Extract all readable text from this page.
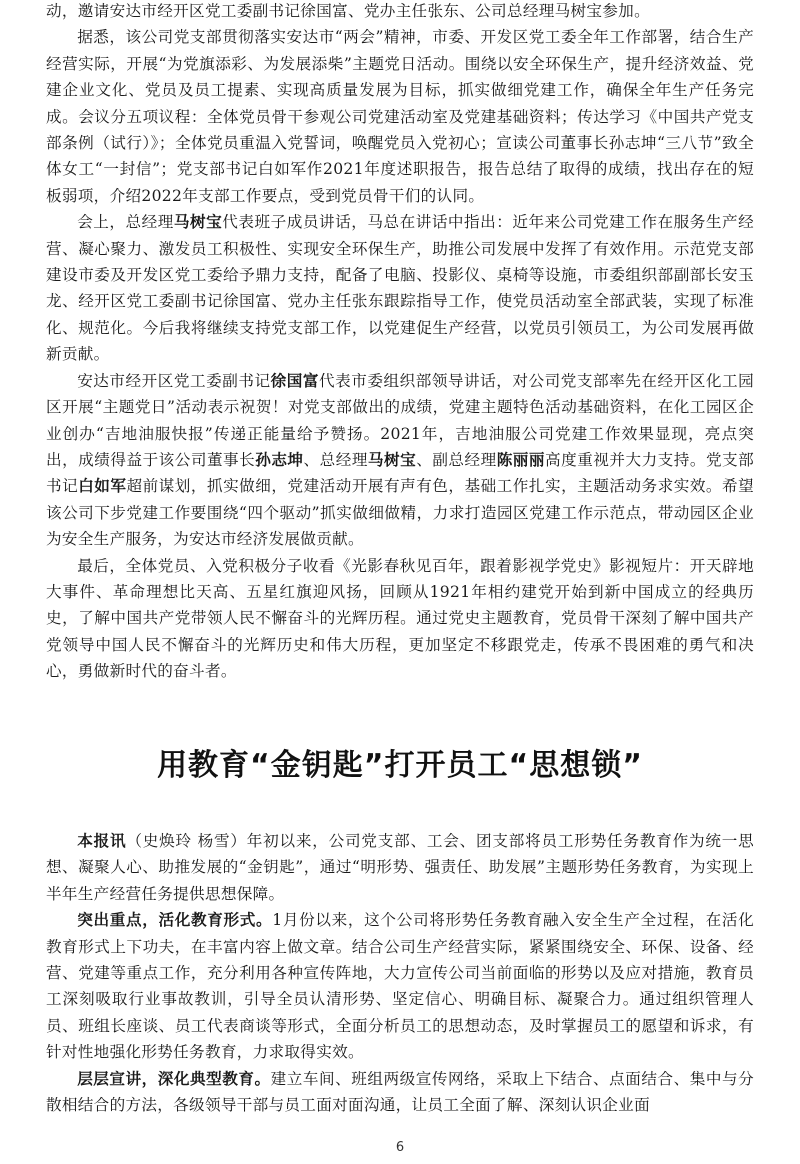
动，邀请安达市经开区党工委副书记徐国富、党办主任张东、公司总经理马树宝参加。

据悉，该公司党支部贯彻落实安达市“两会”精神，市委、开发区党工委全年工作部署，结合生产经营实际，开展“为党旗添彩、为发展添柴”主题党日活动。围绕以安全环保生产，提升经济效益、党建企业文化、党员及员工提素、实现高质量发展为目标，抓实做细党建工作，确保全年生产任务完成。会议分五项议程：全体党员骨干参观公司党建活动室及党建基础资料；传达学习《中国共产党支部条例（试行）》；全体党员重温入党誓词，唤醒党员入党初心；宣读公司董事长孙志坤“三八节”致全体女工“一封信”；党支部书记白如军作2021年度述职报告，报告总结了取得的成绩，找出存在的短板弱项，介绍2022年支部工作要点，受到党员骨干们的认同。

会上，总经理马树宝代表班子成员讲话，马总在讲话中指出：近年来公司党建工作在服务生产经营、凝心聚力、激发员工积极性、实现安全环保生产，助推公司发展中发挥了有效作用。示范党支部建设市委及开发区党工委给予鼎力支持，配备了电脑、投影仪、桌椅等设施，市委组织部副部长安玉龙、经开区党工委副书记徐国富、党办主任张东跟踪指导工作，使党员活动室全部武装，实现了标准化、规范化。今后我将继续支持党支部工作，以党建促生产经营，以党员引领员工，为公司发展再做新贡献。

安达市经开区党工委副书记徐国富代表市委组织部领导讲话，对公司党支部率先在经开区化工园区开展“主题党日”活动表示祝贺！对党支部做出的成绩，党建主题特色活动基础资料，在化工园区企业创办“吉地油服快报”传递正能量给予赞扬。2021年，吉地油服公司党建工作效果显现，亮点突出，成绩得益于该公司董事长孙志坤、总经理马树宝、副总经理陈丽丽高度重视并大力支持。党支部书记白如军超前谋划，抓实做细，党建活动开展有声有色，基础工作扎实，主题活动务求实效。希望该公司下步党建工作要围绕“四个驱动”抓实做细做精，力求打造园区党建工作示范点，带动园区企业为安全生产服务，为安达市经济发展做贡献。

最后，全体党员、入党积极分子收看《光影春秋见百年，跟着影视学党史》影视短片：开天辟地大事件、革命理想比天高、五星红旗迎风扬，回顾从1921年相约建党开始到新中国成立的经典历史，了解中国共产党带领人民不懈奋斗的光辉历程。通过党史主题教育，党员骨干深刻了解中国共产党领导中国人民不懈奋斗的光辉历史和伟大历程，更加坚定不移跟党走，传承不畏困难的勇气和决心，勇做新时代的奋斗者。

用教育“金钥匙”打开员工“思想锁”

本报讯（史焕玲 杨雪）年初以来，公司党支部、工会、团支部将员工形势任务教育作为统一思想、凝聚人心、助推发展的“金钥匙”，通过“明形势、强责任、助发展”主题形势任务教育，为实现上半年生产经营任务提供思想保障。

突出重点，活化教育形式。1月份以来，这个公司将形势任务教育融入安全生产全过程，在活化教育形式上下功夫，在丰富内容上做文章。结合公司生产经营实际，紧紧围绕安全、环保、设备、经营、党建等重点工作，充分利用各种宣传阵地，大力宣传公司当前面临的形势以及应对措施，教育员工深刻吸取行业事故教训，引导全员认清形势、坚定信心、明确目标、凝聚合力。通过组织管理人员、班组长座谈、员工代表商谈等形式，全面分析员工的思想动态，及时掌握员工的愿望和诉求，有针对性地强化形势任务教育，力求取得实效。

层层宣讲，深化典型教育。建立车间、班组两级宣传网络，采取上下结合、点面结合、集中与分散相结合的方法，各级领导干部与员工面对面沟通，让员工全面了解、深刻认识企业面

6
